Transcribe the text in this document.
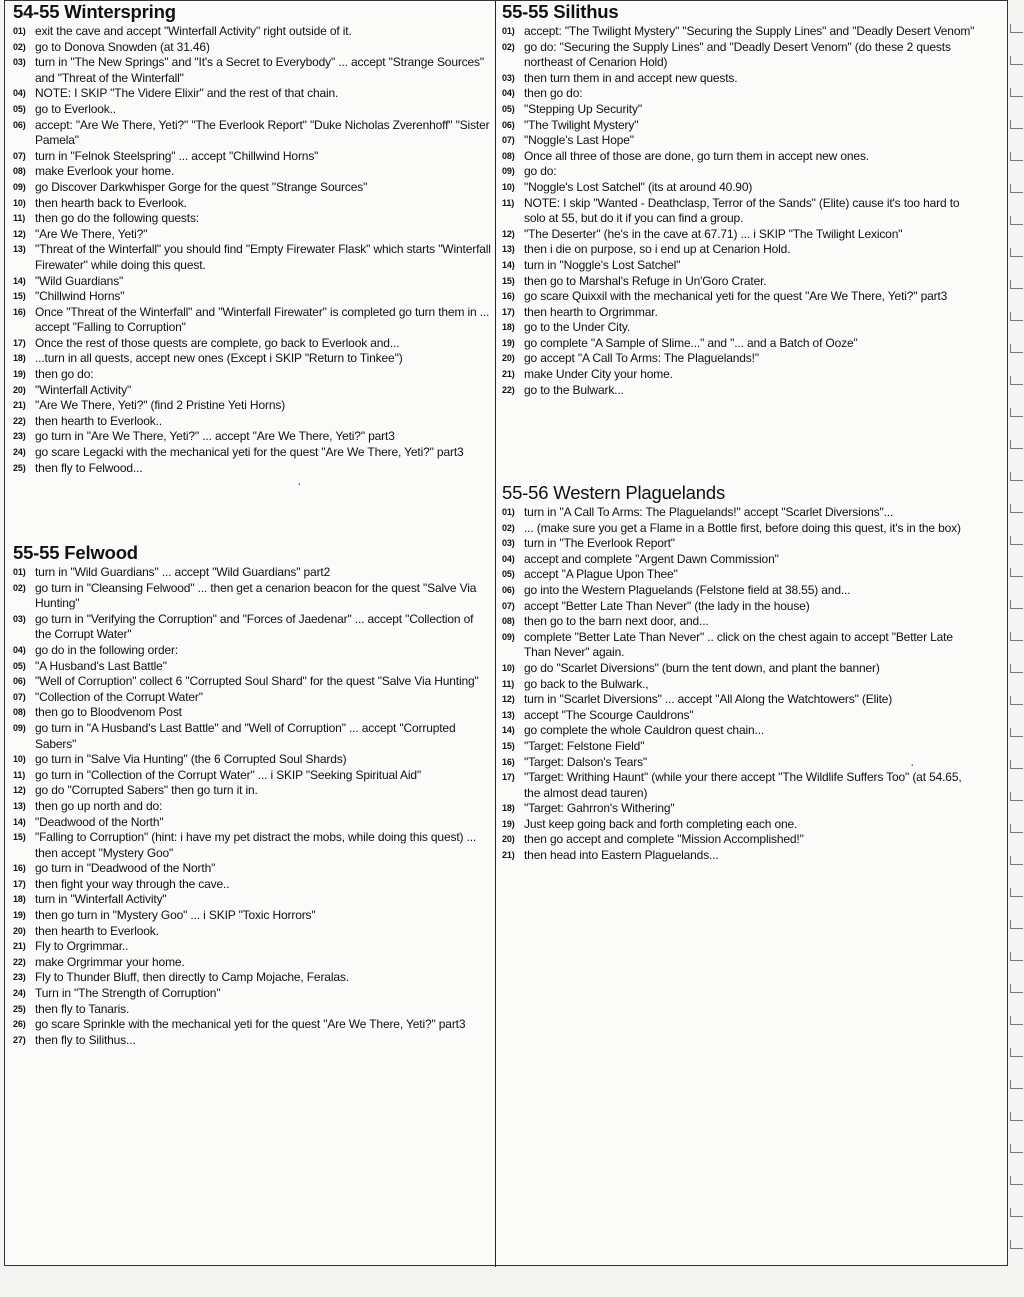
54-55 Winterspring
01) exit the cave and accept "Winterfall Activity" right outside of it.
02) go to Donova Snowden (at 31.46)
03) turn in "The New Springs" and "It's a Secret to Everybody" ... accept "Strange Sources" and "Threat of the Winterfall"
04) NOTE: I SKIP "The Videre Elixir" and the rest of that chain.
05) go to Everlook..
06) accept: "Are We There, Yeti?" "The Everlook Report" "Duke Nicholas Zverenhoff" "Sister Pamela"
07) turn in "Felnok Steelspring" ... accept "Chillwind Horns"
08) make Everlook your home.
09) go Discover Darkwhisper Gorge for the quest "Strange Sources"
10) then hearth back to Everlook.
11) then go do the following quests:
12) "Are We There, Yeti?"
13) "Threat of the Winterfall" you should find "Empty Firewater Flask" which starts "Winterfall Firewater" while doing this quest.
14) "Wild Guardians"
15) "Chillwind Horns"
16) Once "Threat of the Winterfall" and "Winterfall Firewater" is completed go turn them in ... accept "Falling to Corruption"
17) Once the rest of those quests are complete, go back to Everlook and...
18) ...turn in all quests, accept new ones (Except i SKIP "Return to Tinkee")
19) then go do:
20) "Winterfall Activity"
21) "Are We There, Yeti?" (find 2 Pristine Yeti Horns)
22) then hearth to Everlook..
23) go turn in "Are We There, Yeti?" ... accept "Are We There, Yeti?" part3
24) go scare Legacki with the mechanical yeti for the quest "Are We There, Yeti?" part3
25) then fly to Felwood...
55-55 Felwood
01) turn in "Wild Guardians" ... accept "Wild Guardians" part2
02) go turn in "Cleansing Felwood" ... then get a cenarion beacon for the quest "Salve Via Hunting"
03) go turn in "Verifying the Corruption" and "Forces of Jaedenar" ... accept "Collection of the Corrupt Water"
04) go do in the following order:
05) "A Husband's Last Battle"
06) "Well of Corruption" collect 6 "Corrupted Soul Shard" for the quest "Salve Via Hunting"
07) "Collection of the Corrupt Water"
08) then go to Bloodvenom Post
09) go turn in "A Husband's Last Battle" and "Well of Corruption" ... accept "Corrupted Sabers"
10) go turn in "Salve Via Hunting" (the 6 Corrupted Soul Shards)
11) go turn in "Collection of the Corrupt Water" ... i SKIP "Seeking Spiritual Aid"
12) go do "Corrupted Sabers" then go turn it in.
13) then go up north and do:
14) "Deadwood of the North"
15) "Falling to Corruption" (hint: i have my pet distract the mobs, while doing this quest) ... then accept "Mystery Goo"
16) go turn in "Deadwood of the North"
17) then fight your way through the cave..
18) turn in "Winterfall Activity"
19) then go turn in "Mystery Goo" ... i SKIP "Toxic Horrors"
20) then hearth to Everlook.
21) Fly to Orgrimmar..
22) make Orgrimmar your home.
23) Fly to Thunder Bluff, then directly to Camp Mojache, Feralas.
24) Turn in "The Strength of Corruption"
25) then fly to Tanaris.
26) go scare Sprinkle with the mechanical yeti for the quest "Are We There, Yeti?" part3
27) then fly to Silithus...
55-55 Silithus
01) accept: "The Twilight Mystery" "Securing the Supply Lines" and "Deadly Desert Venom"
02) go do: "Securing the Supply Lines" and "Deadly Desert Venom" (do these 2 quests northeast of Cenarion Hold)
03) then turn them in and accept new quests.
04) then go do:
05) "Stepping Up Security"
06) "The Twilight Mystery"
07) "Noggle's Last Hope"
08) Once all three of those are done, go turn them in accept new ones.
09) go do:
10) "Noggle's Lost Satchel" (its at around 40.90)
11) NOTE: I skip "Wanted - Deathclasp, Terror of the Sands" (Elite) cause it's too hard to solo at 55, but do it if you can find a group.
12) "The Deserter" (he's in the cave at 67.71) ... i SKIP "The Twilight Lexicon"
13) then i die on purpose, so i end up at Cenarion Hold.
14) turn in "Noggle's Lost Satchel"
15) then go to Marshal's Refuge in Un'Goro Crater.
16) go scare Quixxil with the mechanical yeti for the quest "Are We There, Yeti?" part3
17) then hearth to Orgrimmar.
18) go to the Under City.
19) go complete "A Sample of Slime..." and "... and a Batch of Ooze"
20) go accept "A Call To Arms: The Plaguelands!"
21) make Under City your home.
22) go to the Bulwark...
55-56 Western Plaguelands
01) turn in "A Call To Arms: The Plaguelands!" accept "Scarlet Diversions"...
02) ... (make sure you get a Flame in a Bottle first, before doing this quest, it's in the box)
03) turn in "The Everlook Report"
04) accept and complete "Argent Dawn Commission"
05) accept "A Plague Upon Thee"
06) go into the Western Plaguelands (Felstone field at 38.55) and...
07) accept "Better Late Than Never" (the lady in the house)
08) then go to the barn next door, and...
09) complete "Better Late Than Never" .. click on the chest again to accept "Better Late Than Never" again.
10) go do "Scarlet Diversions" (burn the tent down, and plant the banner)
11) go back to the Bulwark.,
12) turn in "Scarlet Diversions" ... accept "All Along the Watchtowers" (Elite)
13) accept "The Scourge Cauldrons"
14) go complete the whole Cauldron quest chain...
15) "Target: Felstone Field"
16) "Target: Dalson's Tears"
17) "Target: Writhing Haunt" (while your there accept "The Wildlife Suffers Too" (at 54.65, the almost dead tauren)
18) "Target: Gahrron's Withering"
19) Just keep going back and forth completing each one.
20) then go accept and complete "Mission Accomplished!"
21) then head into Eastern Plaguelands...
·
·
